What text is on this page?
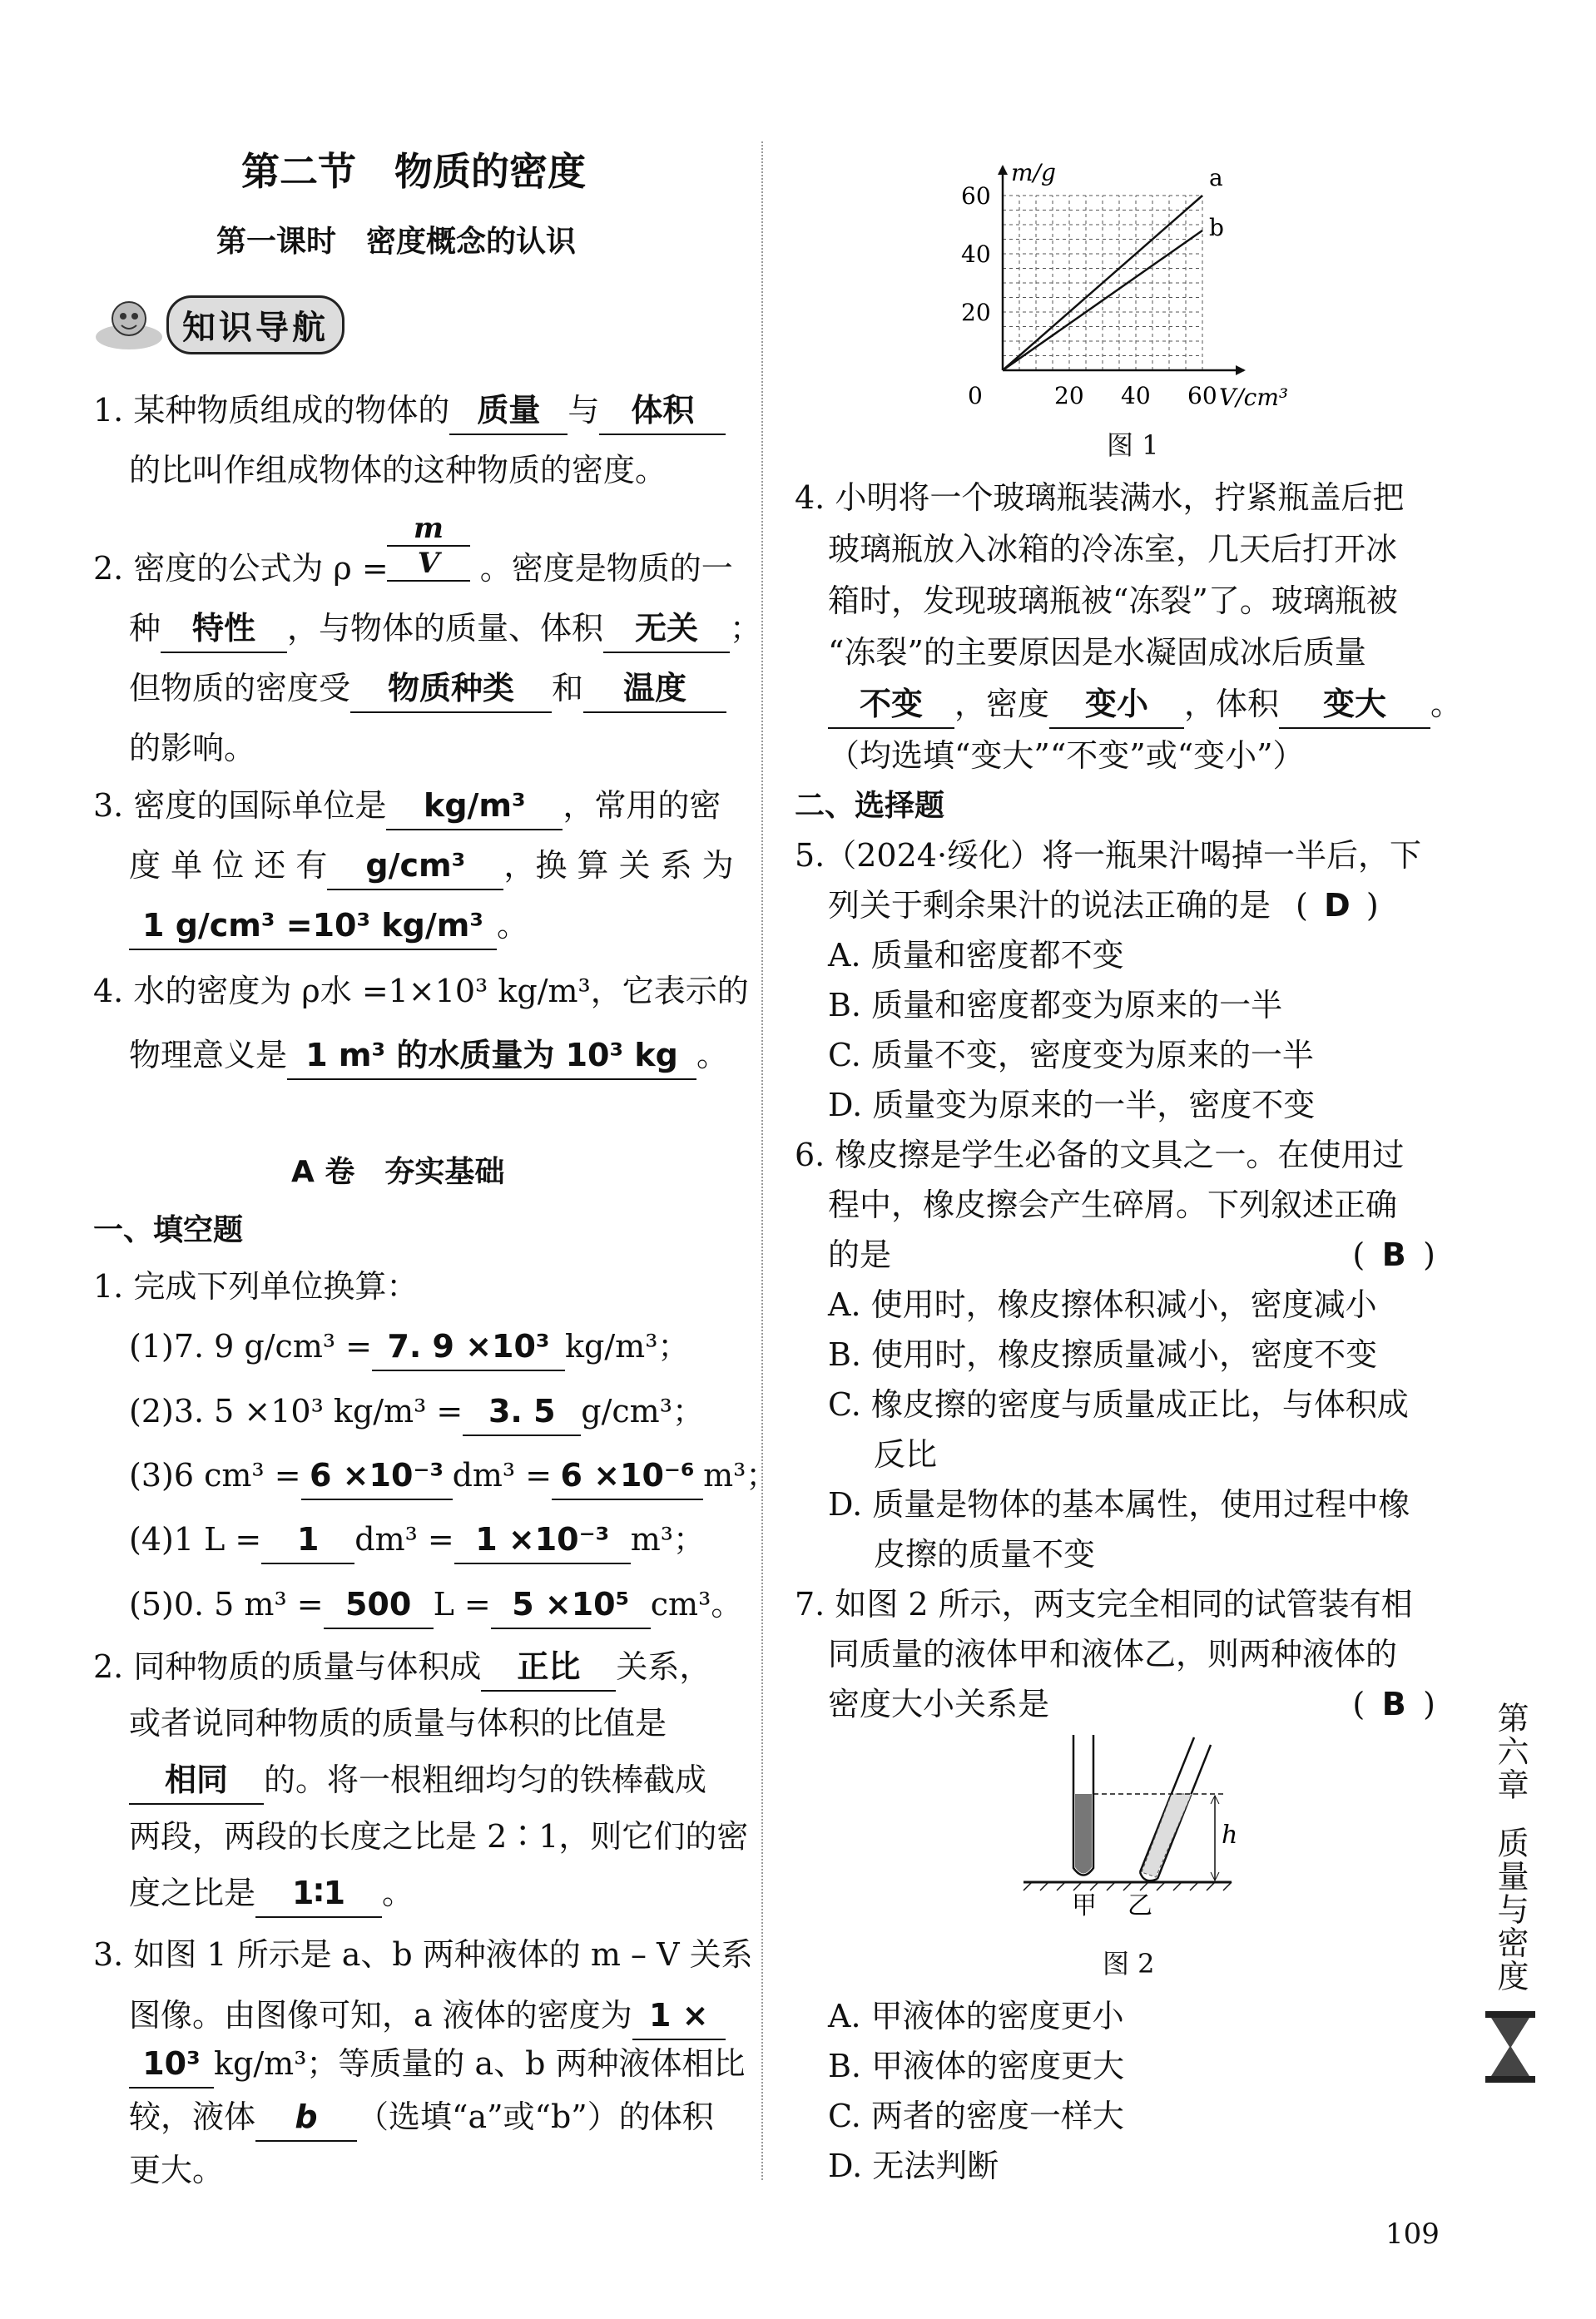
第二节　物质的密度
第一课时　密度概念的认识
知识导航
1. 某种物质组成的物体的 质量 与 体积
的比叫作组成物体的这种物质的密度。
$\frac{m}{V}$
2. 密度的公式为 ρ =	。密度是物质的一
种 特性 ，与物体的质量、体积 无关 ；
但物质的密度受 物质种类 和 温度
的影响。
3. 密度的国际单位是 kg/m³ ，常用的密
度 单 位 还 有 g/cm³ ，换 算 关 系 为
1 g/cm³ =10³ kg/m³ 。
4. 水的密度为 ρ水 =1×10³ kg/m³，它表示的
物理意义是 1 m³ 的水质量为 10³ kg 。
A 卷　夯实基础
一、填空题
1. 完成下列单位换算：
(1)7. 9 g/cm³ = 7. 9 ×10³ kg/m³；
(2)3. 5 ×10³ kg/m³ = 3. 5 g/cm³；
(3)6 cm³ = 6 ×10⁻³ dm³ = 6 ×10⁻⁶ m³；
(4)1 L = 1 dm³ = 1 ×10⁻³ m³；
(5)0. 5 m³ = 500 L = 5 ×10⁵ cm³。
2. 同种物质的质量与体积成 正比 关系，
或者说同种物质的质量与体积的比值是
相同 的。将一根粗细均匀的铁棒截成
两段，两段的长度之比是 2∶1，则它们的密
度之比是 1∶1 。
3. 如图 1 所示是 a、b 两种液体的 m – V 关系
图像。由图像可知，a 液体的密度为 1 ×
10³ kg/m³；等质量的 a、b 两种液体相比
较，液体 b （选填“a”或“b”）的体积
更大。
20 40 60
20
40
60
0	V/cm³
m/g	a
b
图 1
4. 小明将一个玻璃瓶装满水，拧紧瓶盖后把
玻璃瓶放入冰箱的冷冻室，几天后打开冰
箱时，发现玻璃瓶被“冻裂”了。玻璃瓶被
“冻裂”的主要原因是水凝固成冰后质量
不变 ，密度 变小 ，体积 变大 。
（均选填“变大”“不变”或“变小”）
二、选择题
5.（2024·绥化）将一瓶果汁喝掉一半后，下
列关于剩余果汁的说法正确的是 ( D )
A. 质量和密度都不变
B. 质量和密度都变为原来的一半
C. 质量不变，密度变为原来的一半
D. 质量变为原来的一半，密度不变
6. 橡皮擦是学生必备的文具之一。在使用过
程中，橡皮擦会产生碎屑。下列叙述正确
的是	( B )
A. 使用时，橡皮擦体积减小，密度减小
B. 使用时，橡皮擦质量减小，密度不变
C. 橡皮擦的密度与质量成正比，与体积成
反比
D. 质量是物体的基本属性，使用过程中橡
皮擦的质量不变
7. 如图 2 所示，两支完全相同的试管装有相
同质量的液体甲和液体乙，则两种液体的
密度大小关系是	( B )
h
甲 乙
图 2
A. 甲液体的密度更小
B. 甲液体的密度更大
C. 两者的密度一样大
D. 无法判断
第六章
质量与密度
109
